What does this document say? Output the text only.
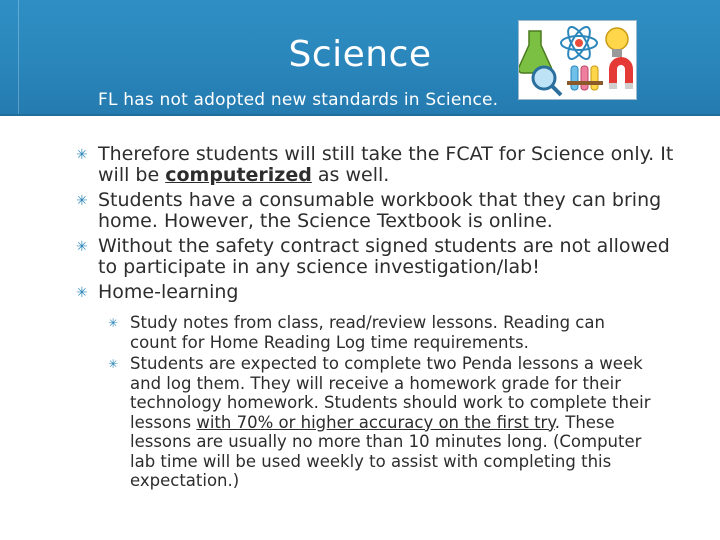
Science
FL has not adopted new standards in Science.
✳ Therefore students will still take the FCAT for Science only. It will be computerized as well.
✳ Students have a consumable workbook that they can bring home. However, the Science Textbook is online.
✳ Without the safety contract signed students are not allowed to participate in any science investigation/lab!
✳ Home-learning
✳ Study notes from class, read/review lessons. Reading can count for Home Reading Log time requirements.
✳ Students are expected to complete two Penda lessons a week and log them. They will receive a homework grade for their technology homework. Students should work to complete their lessons with 70% or higher accuracy on the first try. These lessons are usually no more than 10 minutes long. (Computer lab time will be used weekly to assist with completing this expectation.)
